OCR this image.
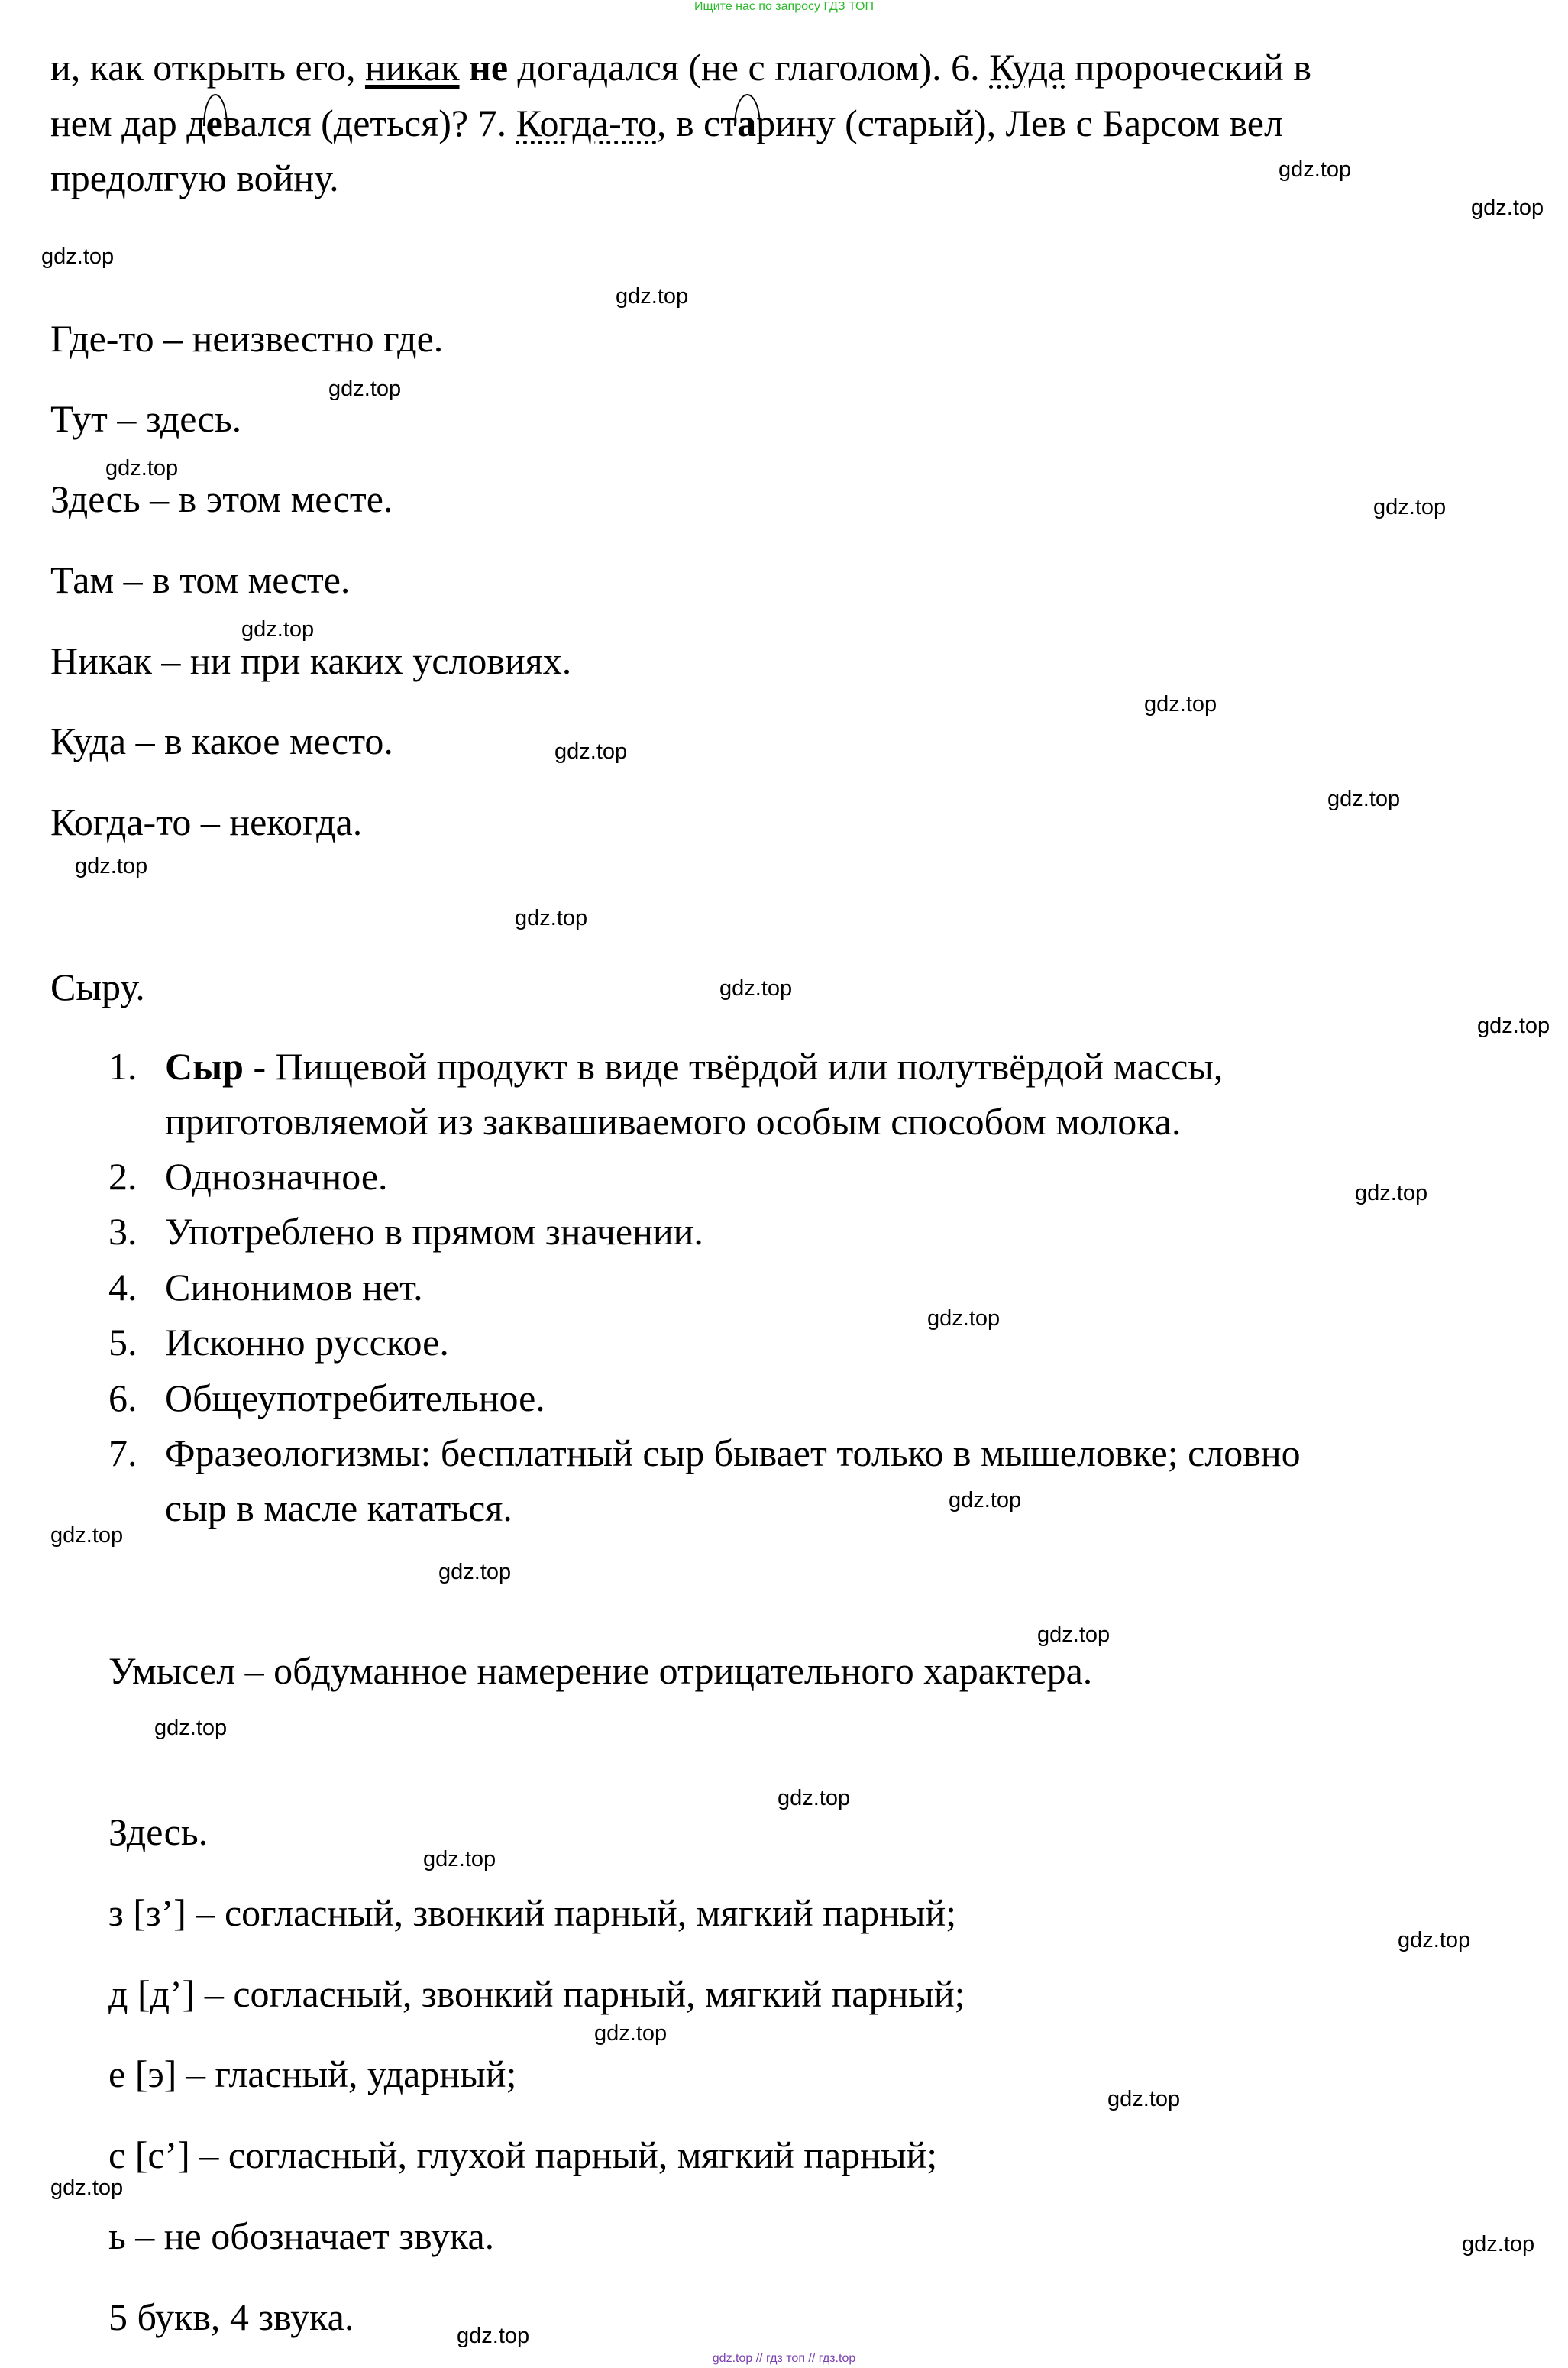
Ищите нас по запросу ГДЗ ТОП
и, как открыть его, никак не догадался (не с глаголом). 6. Куда пророческий в
нем дар девался (деться)? 7. Когда-то, в старину (старый), Лев с Барсом вел
предолгую войну.
Где-то – неизвестно где.
Тут – здесь.
Здесь – в этом месте.
Там – в том месте.
Никак – ни при каких условиях.
Куда – в какое место.
Когда-то – некогда.
Сыру.
1. Сыр - Пищевой продукт в виде твёрдой или полутвёрдой массы,
приготовляемой из заквашиваемого особым способом молока.
2. Однозначное.
3. Употреблено в прямом значении.
4. Синонимов нет.
5. Исконно русское.
6. Общеупотребительное.
7. Фразеологизмы: бесплатный сыр бывает только в мышеловке; словно
сыр в масле кататься.
Умысел – обдуманное намерение отрицательного характера.
Здесь.
з [з’] – согласный, звонкий парный, мягкий парный;
д [д’] – согласный, звонкий парный, мягкий парный;
е [э] – гласный, ударный;
с [с’] – согласный, глухой парный, мягкий парный;
ь – не обозначает звука.
5 букв, 4 звука.
gdz.top
gdz.top
gdz.top
gdz.top
gdz.top
gdz.top
gdz.top
gdz.top
gdz.top
gdz.top
gdz.top
gdz.top
gdz.top
gdz.top
gdz.top
gdz.top
gdz.top
gdz.top
gdz.top
gdz.top
gdz.top
gdz.top
gdz.top
gdz.top
gdz.top
gdz.top
gdz.top
gdz.top
gdz.top
gdz.top
gdz.top // гдз топ // гдз.top
